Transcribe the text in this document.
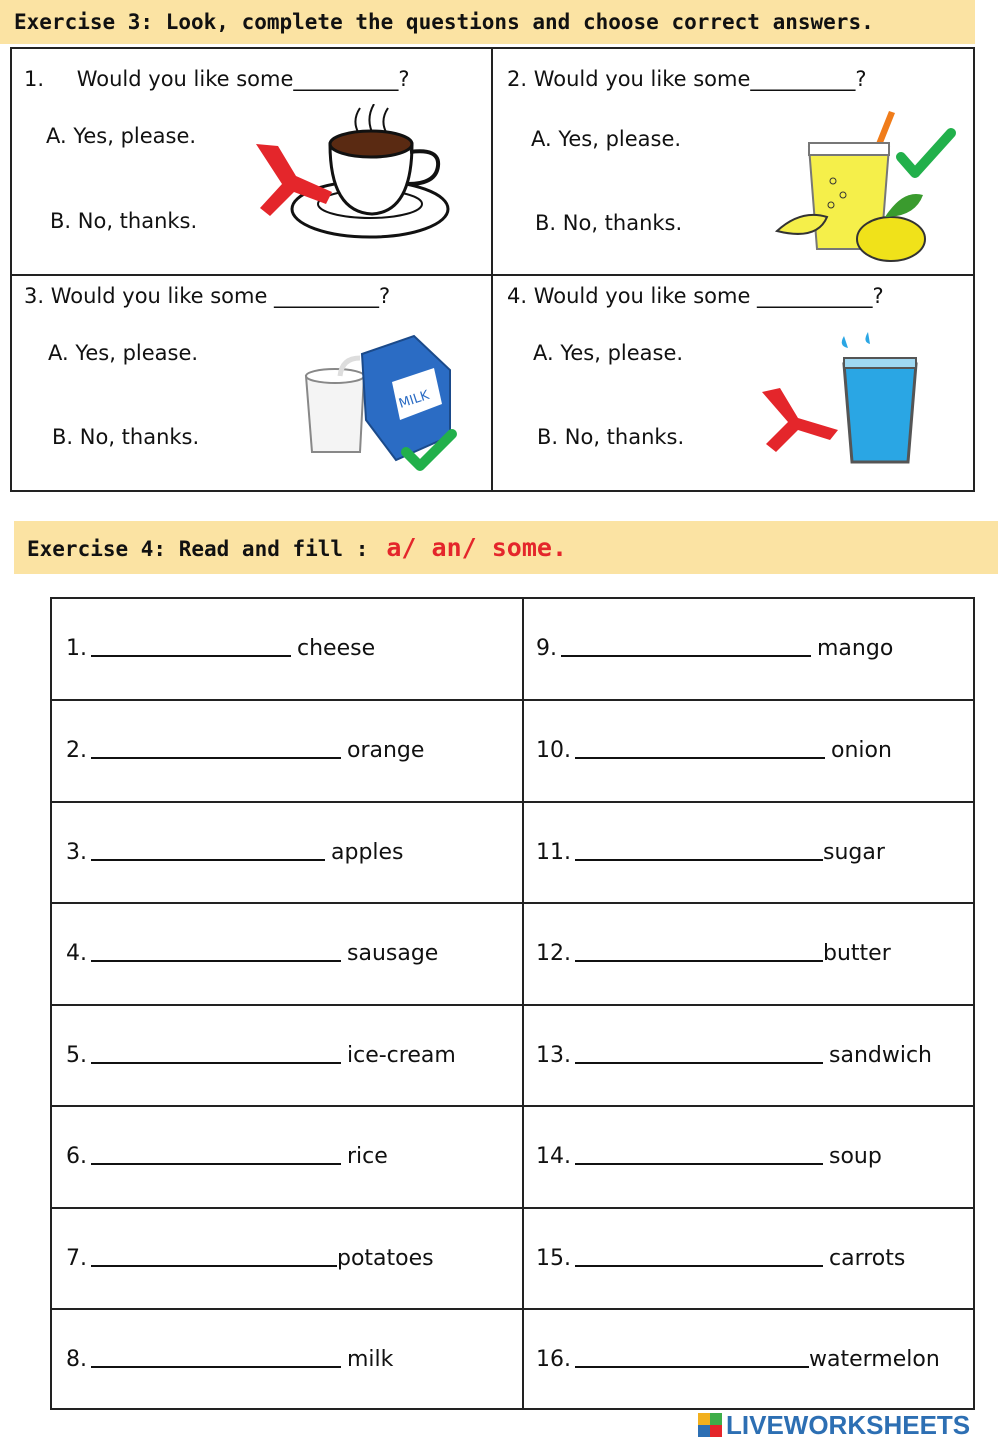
Exercise 3: Look, complete the questions and choose correct answers.
1. Would you like some__________?
A. Yes, please.
B. No, thanks.
2. Would you like some__________?
A. Yes, please.
B. No, thanks.
3. Would you like some __________?
A. Yes, please.
B. No, thanks.
MILK
4. Would you like some ___________?
A. Yes, please.
B. No, thanks.
Exercise 4: Read and fill : a/ an/ some.
1.	cheese
2.	orange
3.	apples
4.	sausage
5.	ice-cream
6.	rice
7.	potatoes
8.	milk
9.	mango
10.	onion
11.	sugar
12.	butter
13.	sandwich
14.	soup
15.	carrots
16.	watermelon
LIVEWORKSHEETS
